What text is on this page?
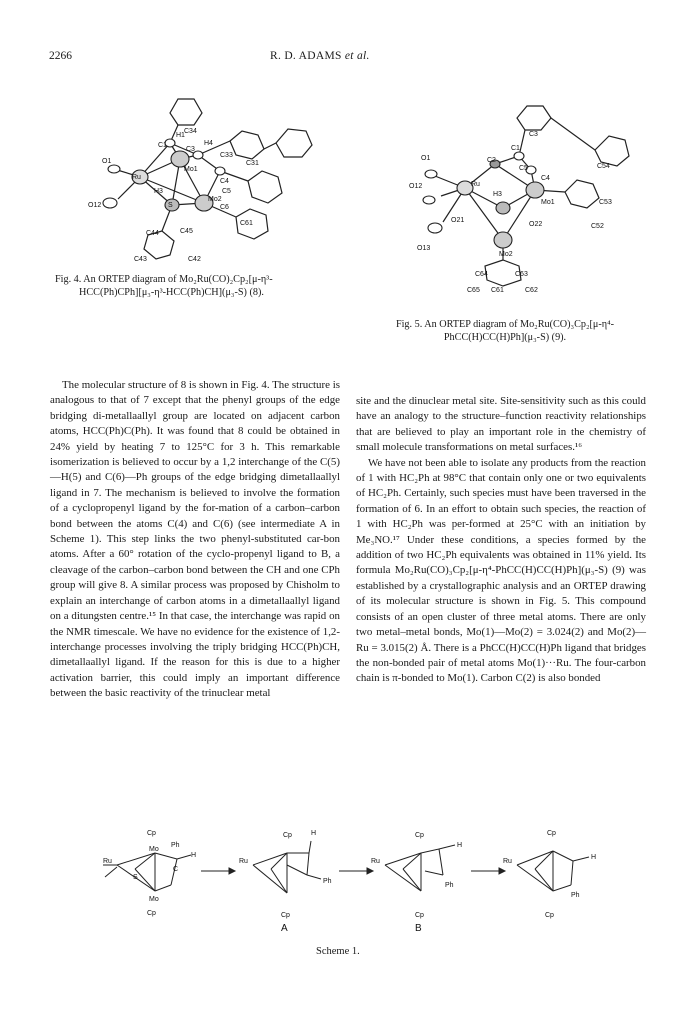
2266	R. D. ADAMS et al.
H1
C34
H4
C1
C3
C33
C31
Ru
C4
O1
Mo1
C5
O12
H3
Mo2
C6
S
C61
C44	C45
C42
C43
Fig. 4. An ORTEP diagram of Mo₂Ru(CO)₂Cp₂[μ-η³-
HCC(Ph)CPh][μ₃-η³-HCC(Ph)CH](μ₃-S) (8).
C3
C1
O1	C2
O12	Ru
C5
C4
C54
H3
C53
Mo1
O21
O22	C52
O13
Mo2
C64	C63
C65 C61	C62
Fig. 5. An ORTEP diagram of Mo₂Ru(CO)₃Cp₂[μ-η⁴-
PhCC(H)CC(H)Ph](μ₃-S) (9).

The molecular structure of 8 is shown in Fig. 4. The structure is analogous to that of 7 except that the phenyl groups of the edge bridging di-metallaallyl group are located on adjacent carbon atoms, HCC(Ph)C(Ph). It was found that 8 could be obtained in 24% yield by heating 7 to 125°C for 3 h. This remarkable isomerization is believed to occur by a 1,2 interchange of the C(5)—H(5) and C(6)—Ph groups of the edge bridging dimetallaallyl ligand in 7. The mechanism is believed to involve the formation of a cyclopropenyl ligand by the for-mation of a carbon–carbon bond between the atoms C(4) and C(6) (see intermediate A in Scheme 1). This step links the two phenyl-substituted car-bon atoms. After a 60° rotation of the cyclo-propenyl ligand to B, a cleavage of the carbon–carbon bond between the CH and one CPh group will give 8. A similar process was proposed by Chisholm to explain an interchange of carbon atoms in a dimetallaallyl ligand on a ditungsten centre.¹⁵ In that case, the interchange was rapid on the NMR timescale. We have no evidence for the existence of 1,2-interchange processes involving the triply bridging HCC(Ph)CH, dimetallaallyl ligand. If the reason for this is due to a higher activation barrier, this could imply an important difference between the basic reactivity of the trinuclear metal

site and the dinuclear metal site. Site-sensitivity such as this could have an analogy to the structure–function reactivity relationships that are believed to play an important role in the chemistry of small molecule transformations on metal surfaces.¹⁶

We have not been able to isolate any products from the reaction of 1 with HC₂Ph at 98°C that contain only one or two equivalents of HC₂Ph. Certainly, such species must have been traversed in the formation of 6. In an effort to obtain such species, the reaction of 1 with HC₂Ph was per-formed at 25°C with an initiation by Me₃NO.¹⁷ Under these conditions, a species formed by the addition of two HC₂Ph equivalents was obtained in 11% yield. Its formula Mo₂Ru(CO)₃Cp₂[μ-η⁴-PhCC(H)CC(H)Ph](μ₃-S) (9) was established by a crystallographic analysis and an ORTEP drawing of its molecular structure is shown in Fig. 5. This compound consists of an open cluster of three metal atoms. There are only two metal–metal bonds, Mo(1)—Mo(2) = 3.024(2) and Mo(2)—Ru = 3.015(2) Å. There is a PhCC(H)CC(H)Ph ligand that bridges the non-bonded pair of metal atoms Mo(1)···Ru. The four-carbon chain is π-bonded to Mo(1). Carbon C(2) is also bonded

Cp
Mo
Ru
S
Ph
H
C
Mo
Cp
Cp	H
Ph
Ru
Cp
Cp
Ru
H
Ph
Cp
Cp
Ru
H
Ph
Cp
A	B
Scheme 1.
